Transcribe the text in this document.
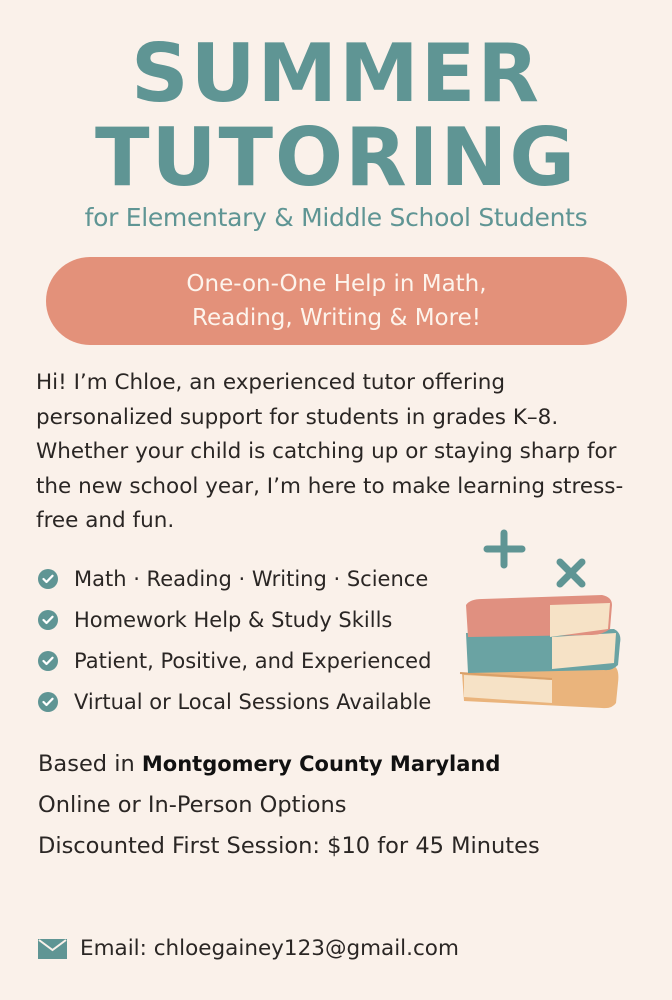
SUMMER
TUTORING
for Elementary & Middle School Students
One-on-One Help in Math,
Reading, Writing & More!

Hi! I’m Chloe, an experienced tutor offering personalized support for students in grades K–8. Whether your child is catching up or staying sharp for the new school year, I’m here to make learning stress-free and fun.

Math · Reading · Writing · Science
Homework Help & Study Skills
Patient, Positive, and Experienced
Virtual or Local Sessions Available
Based in Montgomery County Maryland
Online or In-Person Options
Discounted First Session: $10 for 45 Minutes
Email: chloegainey123@gmail.com
